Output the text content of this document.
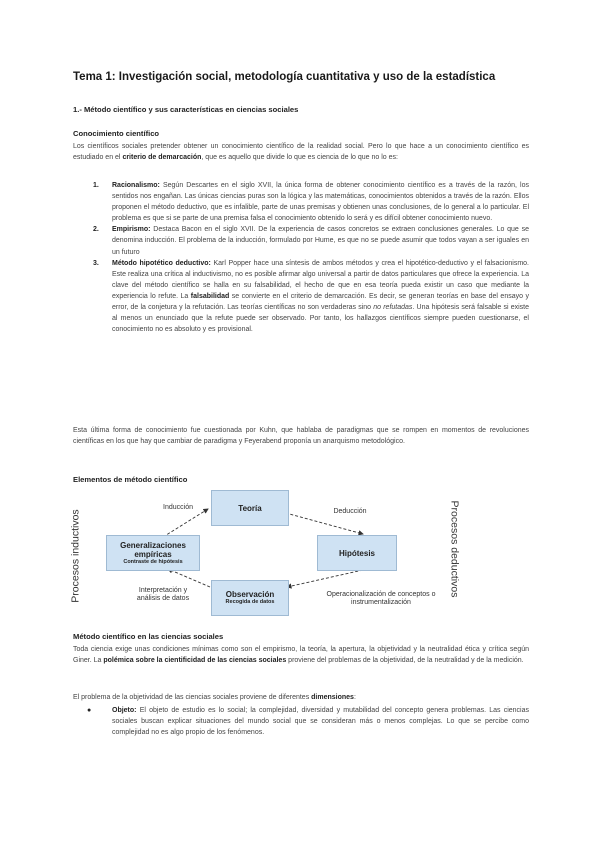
Tema 1: Investigación social, metodología cuantitativa y uso de la estadística
1.- Método científico y sus características en ciencias sociales
Conocimiento científico
Los científicos sociales pretender obtener un conocimiento científico de la realidad social. Pero lo que hace a un conocimiento científico es estudiado en el criterio de demarcación, que es aquello que divide lo que es ciencia de lo que no lo es:
1. Racionalismo: Según Descartes en el siglo XVII, la única forma de obtener conocimiento científico es a través de la razón, los sentidos nos engañan. Las únicas ciencias puras son la lógica y las matemáticas, conocimientos obtenidos a través de la razón. Ellos proponen el método deductivo, que es infalible, parte de unas premisas y obtienen unas conclusiones, de lo general a lo particular. El problema es que si se parte de una premisa falsa el conocimiento obtenido lo será y es difícil obtener conocimiento nuevo.
2. Empirismo: Destaca Bacon en el siglo XVII. De la experiencia de casos concretos se extraen conclusiones generales. Lo que se denomina inducción. El problema de la inducción, formulado por Hume, es que no se puede asumir que todos vayan a ser iguales en un futuro
3. Método hipotético deductivo: Karl Popper hace una síntesis de ambos métodos y crea el hipotético-deductivo y el falsacionismo. Este realiza una crítica al inductivismo, no es posible afirmar algo universal a partir de datos particulares que ofrece la experiencia. La clave del método científico se halla en su falsabilidad, el hecho de que en esa teoría pueda existir un caso que mediante la experiencia lo refute. La falsabilidad se convierte en el criterio de demarcación. Es decir, se generan teorías en base del ensayo y error, de la conjetura y la refutación. Las teorías científicas no son verdaderas sino no refutadas. Una hipótesis será falsable si existe al menos un enunciado que la refute puede ser observado. Por tanto, los hallazgos científicos siempre pueden cuestionarse, el conocimiento no es absoluto y es provisional.
Esta última forma de conocimiento fue cuestionada por Kuhn, que hablaba de paradigmas que se rompen en momentos de revoluciones científicas en los que hay que cambiar de paradigma y Feyerabend proponía un anarquismo metodológico.
Elementos de método científico
Teoría
Generalizaciones empíricas
Contraste de hipótesis
Hipótesis
Observación
Recogida de datos
Inducción
Deducción
Interpretación y análisis de datos
Operacionalización de conceptos o instrumentalización
Procesos inductivos	Procesos deductivos
Método científico en las ciencias sociales
Toda ciencia exige unas condiciones mínimas como son el empirismo, la teoría, la apertura, la objetividad y la neutralidad ética y crítica según Giner. La polémica sobre la cientificidad de las ciencias sociales proviene del problemas de la objetividad, de la neutralidad y de la medición.
El problema de la objetividad de las ciencias sociales proviene de diferentes dimensiones:
●	Objeto: El objeto de estudio es lo social; la complejidad, diversidad y mutabilidad del concepto genera problemas. Las ciencias sociales buscan explicar situaciones del mundo social que se consideran más o menos complejas. Lo que se percibe como complejidad no es algo propio de los fenómenos.
